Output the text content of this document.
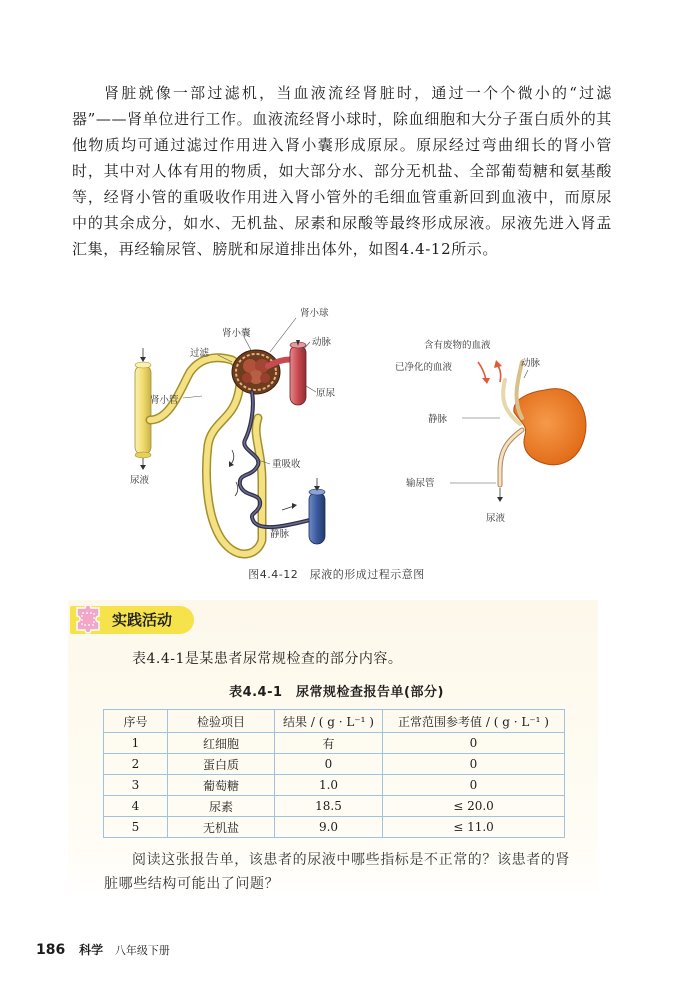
肾脏就像一部过滤机，当血液流经肾脏时，通过一个个微小的“过滤器”——肾单位进行工作。血液流经肾小球时，除血细胞和大分子蛋白质外的其他物质均可通过滤过作用进入肾小囊形成原尿。原尿经过弯曲细长的肾小管时，其中对人体有用的物质，如大部分水、部分无机盐、全部葡萄糖和氨基酸等，经肾小管的重吸收作用进入肾小管外的毛细血管重新回到血液中，而原尿中的其余成分，如水、无机盐、尿素和尿酸等最终形成尿液。尿液先进入肾盂汇集，再经输尿管、膀胱和尿道排出体外，如图4.4-12所示。

肾小球
肾小囊
过滤
动脉
肾小管
原尿
重吸收
尿液
静脉
含有废物的血液
已净化的血液	动脉
静脉
输尿管
尿液
图4.4-12　尿液的形成过程示意图
实践活动

表4.4-1是某患者尿常规检查的部分内容。

表4.4-1　尿常规检查报告单(部分)
序号	检验项目	结果 / ( g · L⁻¹ )	正常范围参考值 / ( g · L⁻¹ )
1	红细胞	有	0
2	蛋白质	0	0
3	葡萄糖	1.0	0
4	尿素	18.5	≤ 20.0
5	无机盐	9.0	≤ 11.0

阅读这张报告单，该患者的尿液中哪些指标是不正常的？该患者的肾脏哪些结构可能出了问题？

186 科学 八年级下册
